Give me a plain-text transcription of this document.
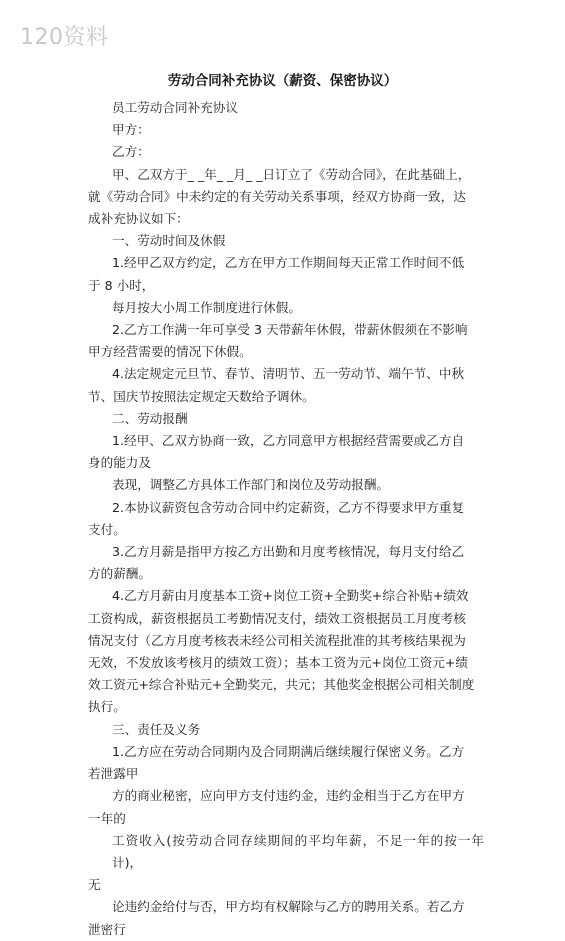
120资料
劳动合同补充协议（薪资、保密协议）
员工劳动合同补充协议
甲方：
乙方：
甲、乙双方于_ _年_ _月_ _日订立了《劳动合同》，在此基础上，
就《劳动合同》中未约定的有关劳动关系事项，经双方协商一致，达
成补充协议如下：
一、劳动时间及休假
1.经甲乙双方约定，乙方在甲方工作期间每天正常工作时间不低
于 8 小时，
每月按大小周工作制度进行休假。
2.乙方工作满一年可享受 3 天带薪年休假，带薪休假须在不影响
甲方经营需要的情况下休假。
4.法定规定元旦节、春节、清明节、五一劳动节、端午节、中秋
节、国庆节按照法定规定天数给予调休。
二、劳动报酬
1.经甲、乙双方协商一致，乙方同意甲方根据经营需要或乙方自
身的能力及
表现，调整乙方具体工作部门和岗位及劳动报酬。
2.本协议薪资包含劳动合同中约定薪资，乙方不得要求甲方重复
支付。
3.乙方月薪是指甲方按乙方出勤和月度考核情况，每月支付给乙
方的薪酬。
4.乙方月薪由月度基本工资+岗位工资+全勤奖+综合补贴+绩效
工资构成，薪资根据员工考勤情况支付，绩效工资根据员工月度考核
情况支付（乙方月度考核表未经公司相关流程批准的其考核结果视为
无效，不发放该考核月的绩效工资）；基本工资为元+岗位工资元+绩
效工资元+综合补贴元+全勤奖元，共元；其他奖金根据公司相关制度
执行。
三、责任及义务
1.乙方应在劳动合同期内及合同期满后继续履行保密义务。乙方
若泄露甲
方的商业秘密，应向甲方支付违约金，违约金相当于乙方在甲方
一年的
工资收入(按劳动合同存续期间的平均年薪，不足一年的按一年计)，
无
论违约金给付与否，甲方均有权解除与乙方的聘用关系。若乙方
泄密行
